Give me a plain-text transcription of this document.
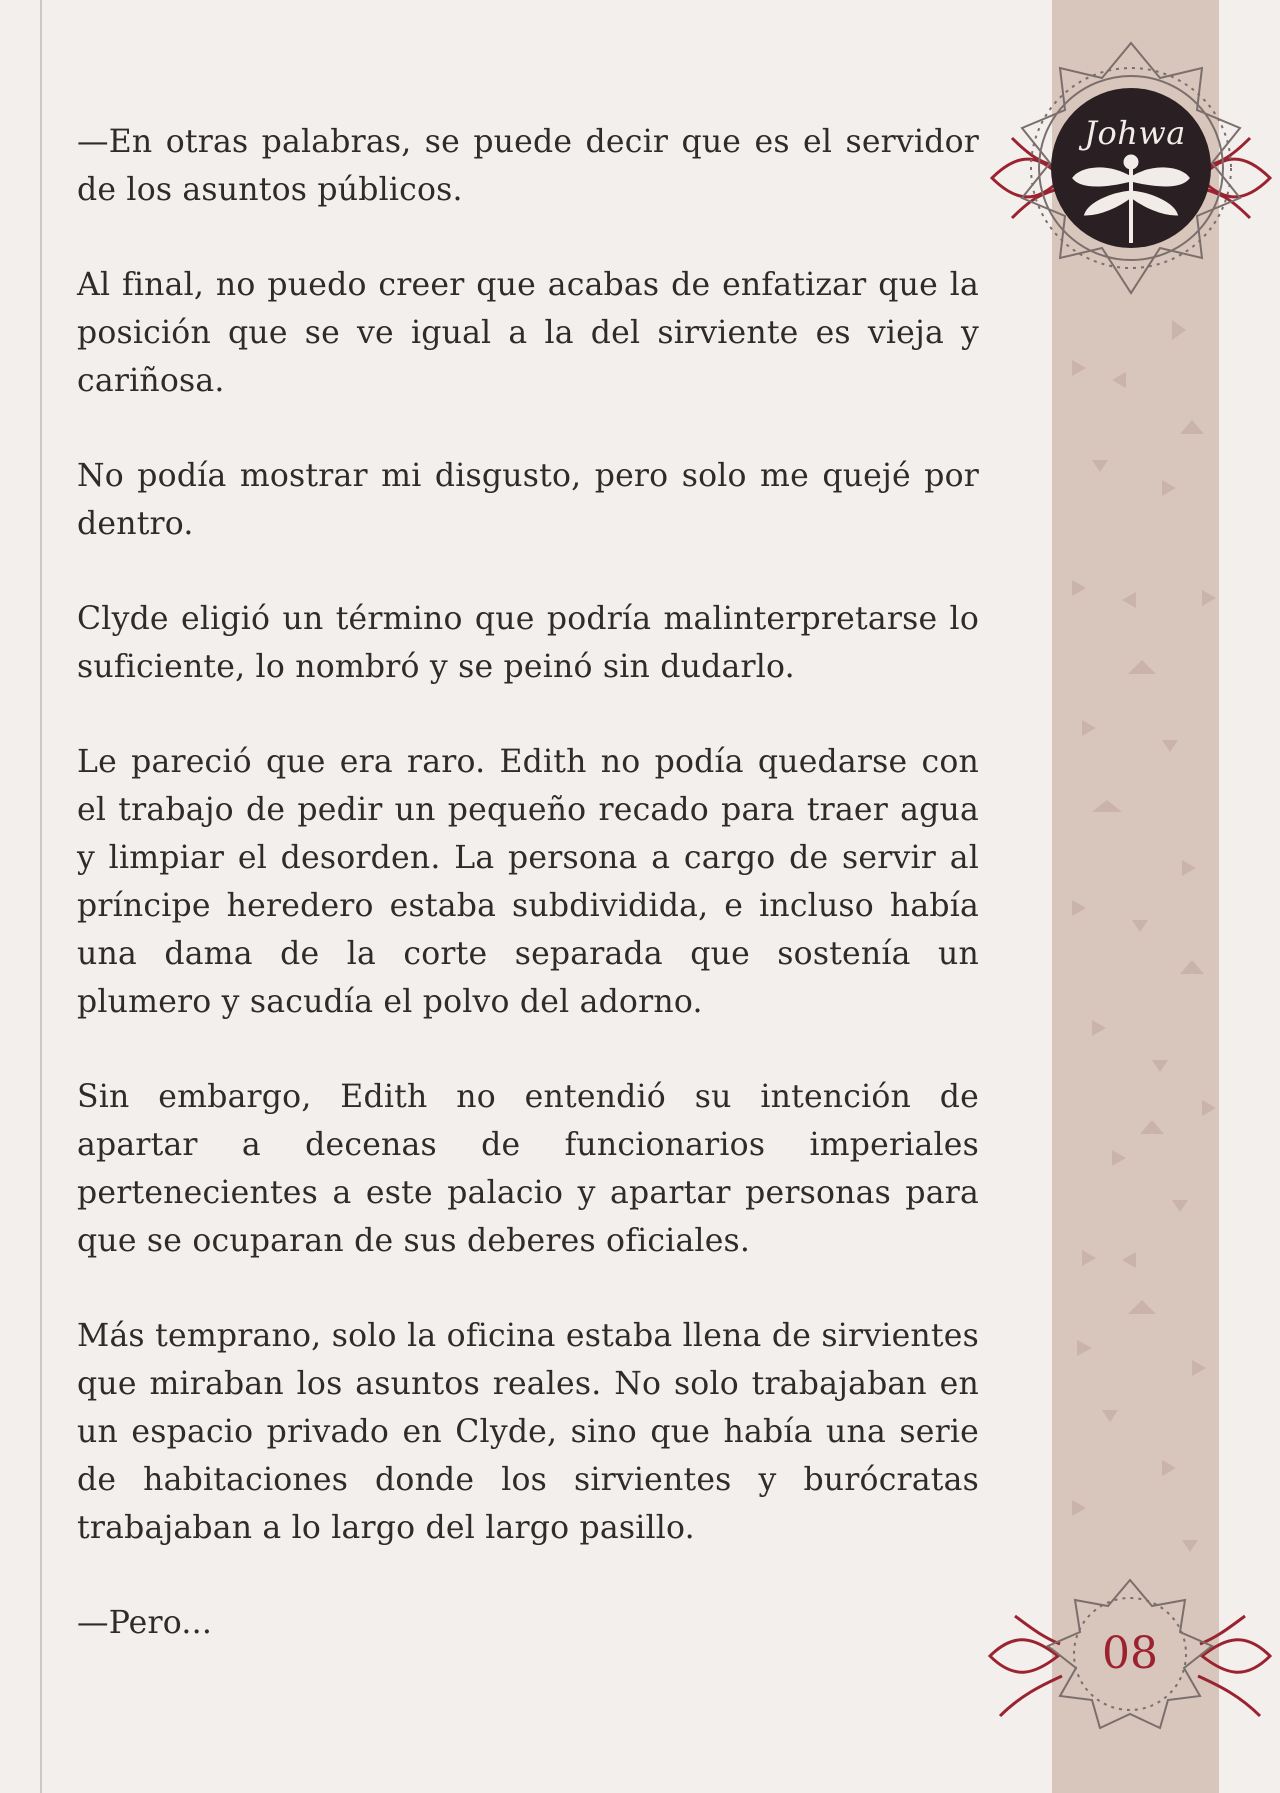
Johwa

—En otras palabras, se puede decir que es el servidor de los asuntos públicos.

Al final, no puedo creer que acabas de enfatizar que la posición que se ve igual a la del sirviente es vieja y cariñosa.

No podía mostrar mi disgusto, pero solo me quejé por dentro.

Clyde eligió un término que podría malinterpretarse lo suficiente, lo nombró y se peinó sin dudarlo.

Le pareció que era raro. Edith no podía quedarse con el trabajo de pedir un pequeño recado para traer agua y limpiar el desorden. La persona a cargo de servir al príncipe heredero estaba subdividida, e incluso había una dama de la corte separada que sostenía un plumero y sacudía el polvo del adorno.

Sin embargo, Edith no entendió su intención de apartar a decenas de funcionarios imperiales pertenecientes a este palacio y apartar personas para que se ocuparan de sus deberes oficiales.

Más temprano, solo la oficina estaba llena de sirvientes que miraban los asuntos reales. No solo trabajaban en un espacio privado en Clyde, sino que había una serie de habitaciones donde los sirvientes y burócratas trabajaban a lo largo del largo pasillo.

—Pero...

08
